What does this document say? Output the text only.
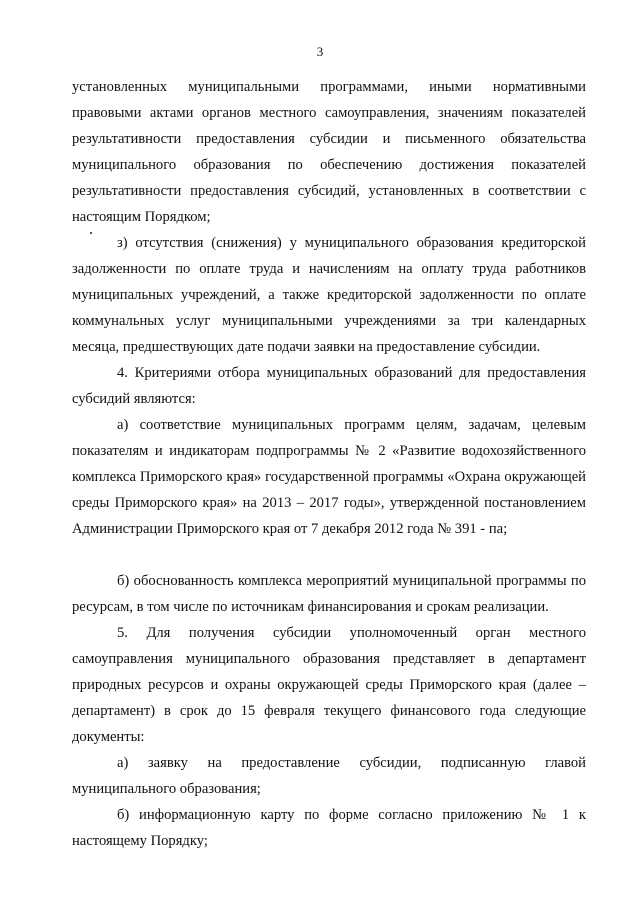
3

установленных муниципальными программами, иными нормативными правовыми актами органов местного самоуправления, значениям показателей результативности предоставления субсидии и письменного обязательства муниципального образования по обеспечению достижения показателей результативности предоставления субсидий, установленных в соответствии с настоящим Порядком;

з) отсутствия (снижения) у муниципального образования кредиторской задолженности по оплате труда и начислениям на оплату труда работников муниципальных учреждений, а также кредиторской задолженности по оплате коммунальных услуг муниципальными учреждениями за три календарных месяца, предшествующих дате подачи заявки на предоставление субсидии.

4. Критериями отбора муниципальных образований для предоставления субсидий являются:

а) соответствие муниципальных программ целям, задачам, целевым показателям и индикаторам подпрограммы № 2 «Развитие водохозяйственного комплекса Приморского края» государственной программы «Охрана окружающей среды Приморского края» на 2013 – 2017 годы», утвержденной постановлением Администрации Приморского края от 7 декабря 2012 года № 391 - па;

б) обоснованность комплекса мероприятий муниципальной программы по ресурсам, в том числе по источникам финансирования и срокам реализации.

5. Для получения субсидии уполномоченный орган местного самоуправления муниципального образования представляет в департамент природных ресурсов и охраны окружающей среды Приморского края (далее – департамент) в срок до 15 февраля текущего финансового года следующие документы:

а) заявку на предоставление субсидии, подписанную главой муниципального образования;

б) информационную карту по форме согласно приложению № 1 к настоящему Порядку;
